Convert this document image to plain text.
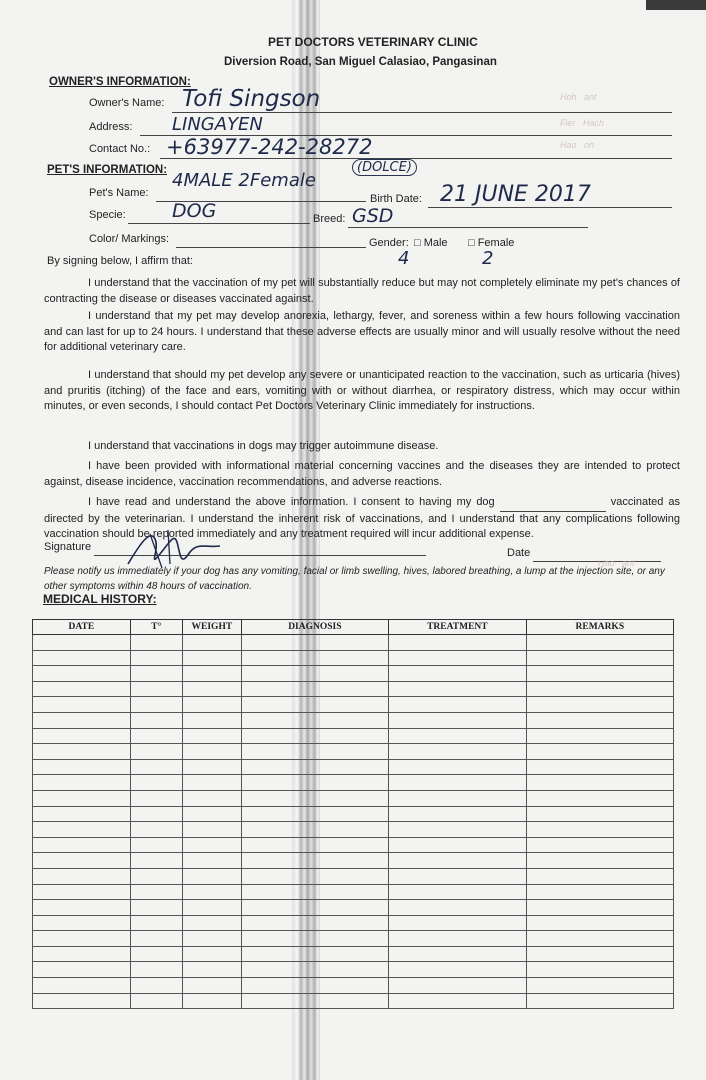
PET DOCTORS VETERINARY CLINIC
Diversion Road, San Miguel Calasiao, Pangasinan
OWNER'S INFORMATION:
Owner's Name: Tofi Singson
Address: LINGAYEN
Contact No.: +63977-242-28272
PET'S INFORMATION:	(DOLCE)
Pet's Name:
4MALE 2Female
Birth Date: 21 JUNE 2017
Specie: DOG	Breed: GSD
Color/ Markings:	Gender: □ Male □ Female
4	2
By signing below, I affirm that:
I understand that the vaccination of my pet will substantially reduce but may not completely eliminate my pet's chances of contracting the disease or diseases vaccinated against.
I understand that my pet may develop anorexia, lethargy, fever, and soreness within a few hours following vaccination and can last for up to 24 hours. I understand that these adverse effects are usually minor and will usually resolve without the need for additional veterinary care.
I understand that should my pet develop any severe or unanticipated reaction to the vaccination, such as urticaria (hives) and pruritis (itching) of the face and ears, vomiting with or without diarrhea, or respiratory distress, which may occur within minutes, or even seconds, I should contact Pet Doctors Veterinary Clinic immediately for instructions.
I understand that vaccinations in dogs may trigger autoimmune disease.
I have been provided with informational material concerning vaccines and the diseases they are intended to protect against, disease incidence, vaccination recommendations, and adverse reactions.
I have read and understand the above information. I consent to having my dog	vaccinated as directed by the veterinarian. I understand the inherent risk of vaccinations, and I understand that any complications following vaccination should be reported immediately and any treatment required will incur additional expense.
Signature	Date
Please notify us immediately if your dog has any vomiting, facial or limb swelling, hives, labored breathing, a lump at the injection site, or any other symptoms within 48 hours of vaccination.
MEDICAL HISTORY:
DATE	T°	WEIGHT	DIAGNOSIS	TREATMENT	REMARKS

Hoh   ant
Fier   Hach
Hao   oh
Hao   ant
